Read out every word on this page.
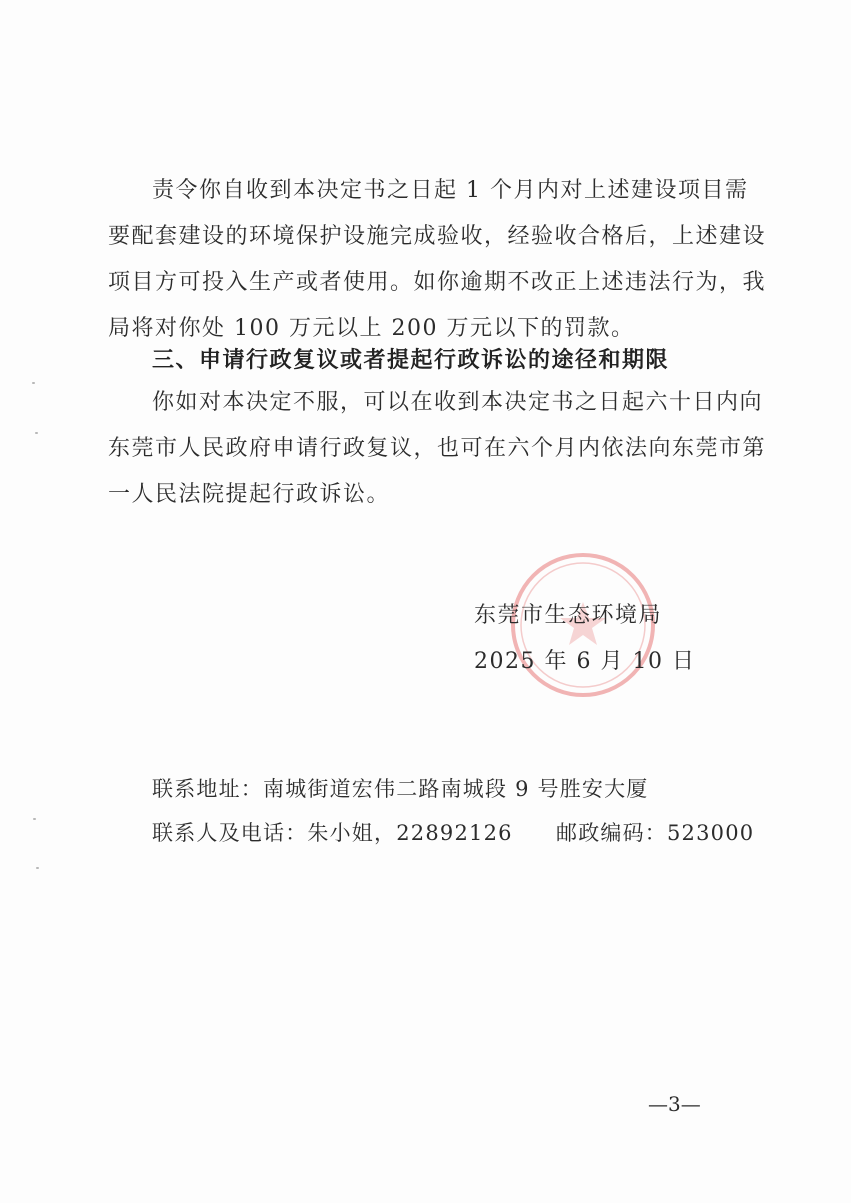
责令你自收到本决定书之日起 1 个月内对上述建设项目需
要配套建设的环境保护设施完成验收，经验收合格后，上述建设
项目方可投入生产或者使用。如你逾期不改正上述违法行为，我
局将对你处 100 万元以上 200 万元以下的罚款。
三、申请行政复议或者提起行政诉讼的途径和期限
你如对本决定不服，可以在收到本决定书之日起六十日内向
东莞市人民政府申请行政复议，也可在六个月内依法向东莞市第
一人民法院提起行政诉讼。
东莞市生态环境局
2025 年 6 月 10 日
联系地址：南城街道宏伟二路南城段 9 号胜安大厦
联系人及电话：朱小姐，22892126 邮政编码：523000
—3—
